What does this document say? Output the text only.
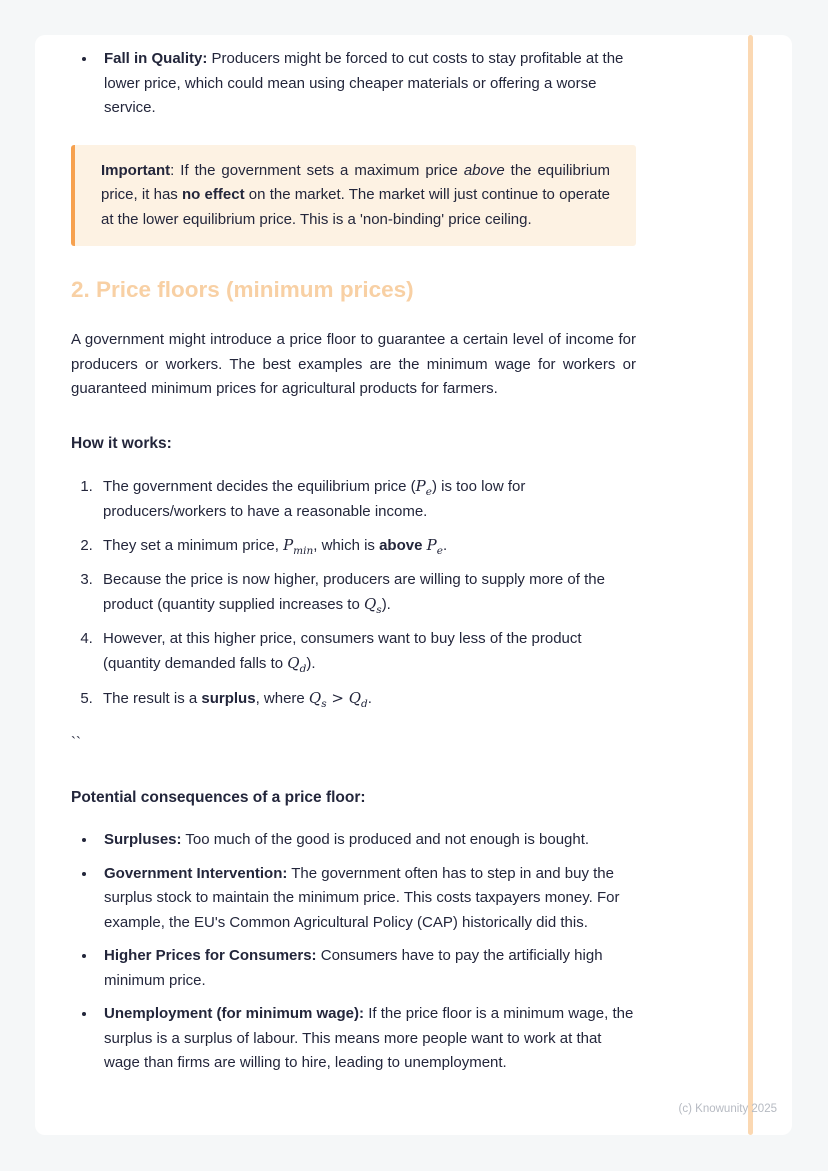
• Fall in Quality: Producers might be forced to cut costs to stay profitable at the lower price, which could mean using cheaper materials or offering a worse service.

Important: If the government sets a maximum price above the equilibrium price, it has no effect on the market. The market will just continue to operate at the lower equilibrium price. This is a 'non-binding' price ceiling.

2. Price floors (minimum prices)

A government might introduce a price floor to guarantee a certain level of income for producers or workers. The best examples are the minimum wage for workers or guaranteed minimum prices for agricultural products for farmers.

How it works:

1. The government decides the equilibrium price $(P_e)$ is too low for producers/workers to have a reasonable income.
2. They set a minimum price, $P_{min}$, which is above $P_e$.
3. Because the price is now higher, producers are willing to supply more of the product (quantity supplied increases to $Q_s$).
4. However, at this higher price, consumers want to buy less of the product (quantity demanded falls to $Q_d$).
5. The result is a surplus, where $Q_s > Q_d$.

``

Potential consequences of a price floor:

• Surpluses: Too much of the good is produced and not enough is bought.
• Government Intervention: The government often has to step in and buy the surplus stock to maintain the minimum price. This costs taxpayers money. For example, the EU's Common Agricultural Policy (CAP) historically did this.
• Higher Prices for Consumers: Consumers have to pay the artificially high minimum price.
• Unemployment (for minimum wage): If the price floor is a minimum wage, the surplus is a surplus of labour. This means more people want to work at that wage than firms are willing to hire, leading to unemployment.
(c) Knowunity 2025
